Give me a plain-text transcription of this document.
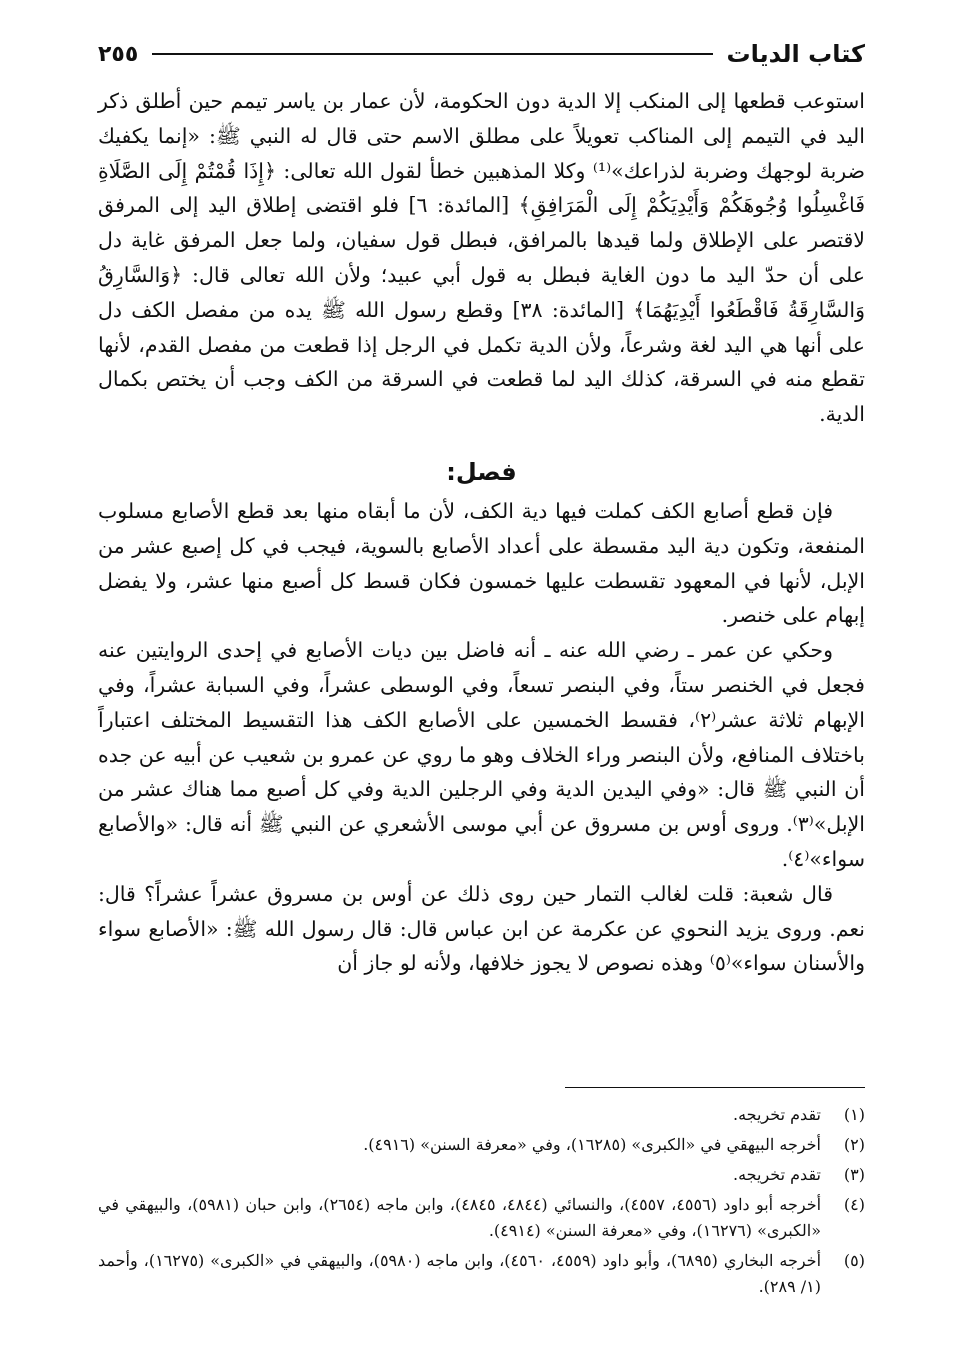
كتاب الديات
٢٥٥

استوعب قطعها إلى المنكب إلا الدية دون الحكومة، لأن عمار بن ياسر تيمم حين أطلق ذكر اليد في التيمم إلى المناكب تعويلاً على مطلق الاسم حتى قال له النبي ﷺ: «إنما يكفيك ضربة لوجهك وضربة لذراعك»⁽¹⁾ وكلا المذهبين خطأ لقول الله تعالى: ﴿إِذَا قُمْتُمْ إِلَى الصَّلَاةِ فَاغْسِلُوا وُجُوهَكُمْ وَأَيْدِيَكُمْ إِلَى الْمَرَافِقِ﴾ [المائدة: ٦] فلو اقتضى إطلاق اليد إلى المرفق لاقتصر على الإطلاق ولما قيدها بالمرافق، فبطل قول سفيان، ولما جعل المرفق غاية دل على أن حدّ اليد ما دون الغاية فبطل به قول أبي عبيد؛ ولأن الله تعالى قال: ﴿وَالسَّارِقُ وَالسَّارِقَةُ فَاقْطَعُوا أَيْدِيَهُمَا﴾ [المائدة: ٣٨] وقطع رسول الله ﷺ يده من مفصل الكف دل على أنها هي اليد لغة وشرعاً، ولأن الدية تكمل في الرجل إذا قطعت من مفصل القدم، لأنها تقطع منه في السرقة، كذلك اليد لما قطعت في السرقة من الكف وجب أن يختص بكمال الدية.

فصل:

فإن قطع أصابع الكف كملت فيها دية الكف، لأن ما أبقاه منها بعد قطع الأصابع مسلوب المنفعة، وتكون دية اليد مقسطة على أعداد الأصابع بالسوية، فيجب في كل إصبع عشر من الإبل، لأنها في المعهود تقسطت عليها خمسون فكان قسط كل أصبع منها عشر، ولا يفضل إبهام على خنصر.

وحكي عن عمر ـ رضي الله عنه ـ أنه فاضل بين ديات الأصابع في إحدى الروايتين عنه فجعل في الخنصر ستاً، وفي البنصر تسعاً، وفي الوسطى عشراً، وفي السبابة عشراً، وفي الإبهام ثلاثة عشر⁽٢⁾، فقسط الخمسين على الأصابع الكف هذا التقسيط المختلف اعتباراً باختلاف المنافع، ولأن البنصر وراء الخلاف وهو ما روي عن عمرو بن شعيب عن أبيه عن جده أن النبي ﷺ قال: «وفي اليدين الدية وفي الرجلين الدية وفي كل أصبع مما هناك عشر من الإبل»⁽٣⁾. وروى أوس بن مسروق عن أبي موسى الأشعري عن النبي ﷺ أنه قال: «والأصابع سواء»⁽٤⁾.

قال شعبة: قلت لغالب التمار حين روى ذلك عن أوس بن مسروق عشراً عشراً؟ قال: نعم. وروى يزيد النحوي عن عكرمة عن ابن عباس قال: قال رسول الله ﷺ: «الأصابع سواء والأسنان سواء»⁽٥⁾ وهذه نصوص لا يجوز خلافها، ولأنه لو جاز أن

(١)
تقدم تخريجه.
(٢)
أخرجه البيهقي في «الكبرى» (١٦٢٨٥)، وفي «معرفة السنن» (٤٩١٦).
(٣)
تقدم تخريجه.
(٤)
أخرجه أبو داود (٤٥٥٦، ٤٥٥٧)، والنسائي (٤٨٤٤، ٤٨٤٥)، وابن ماجه (٢٦٥٤)، وابن حبان (٥٩٨١)، والبيهقي في «الكبرى» (١٦٢٧٦)، وفي «معرفة السنن» (٤٩١٤).
(٥)
أخرجه البخاري (٦٨٩٥)، وأبو داود (٤٥٥٩، ٤٥٦٠)، وابن ماجه (٥٩٨٠)، والبيهقي في «الكبرى» (١٦٢٧٥)، وأحمد (١/ ٢٨٩).
